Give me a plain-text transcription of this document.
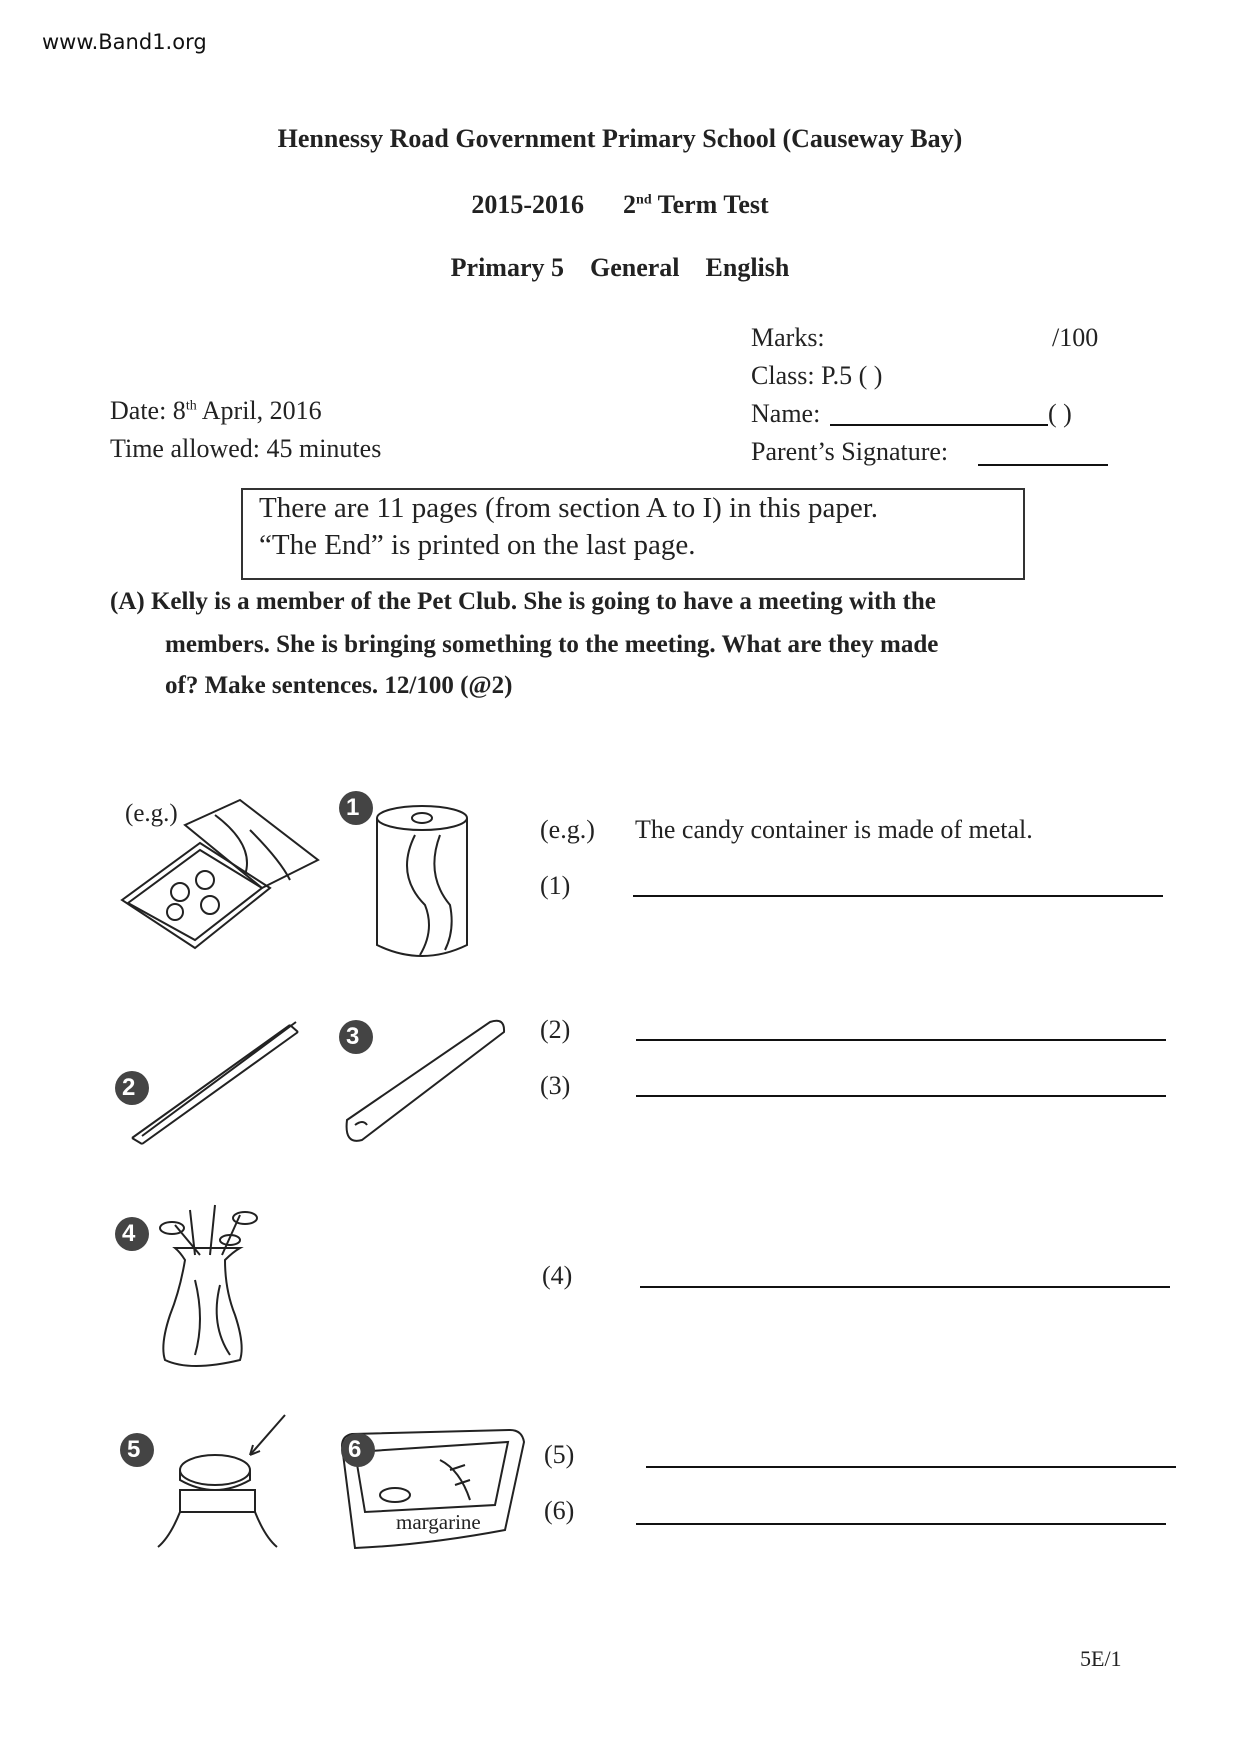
www.Band1.org
Hennessy Road Government Primary School (Causeway Bay)
2015-2016 2nd Term Test
Primary 5 General English
Marks:	/100
Class: P.5 ( )
Name:	( )
Parent’s Signature:
Date: 8th April, 2016
Time allowed: 45 minutes
There are 11 pages (from section A to I) in this paper.
“The End” is printed on the last page.
(A) Kelly is a member of the Pet Club. She is going to have a meeting with the
members. She is bringing something to the meeting. What are they made
of? Make sentences. 12/100 (@2)
(e.g.)	1
2
3
4
5	6
margarine
(e.g.) The candy container is made of metal.
(1)
(2)
(3)
(4)
(5)
(6)
5E/1
